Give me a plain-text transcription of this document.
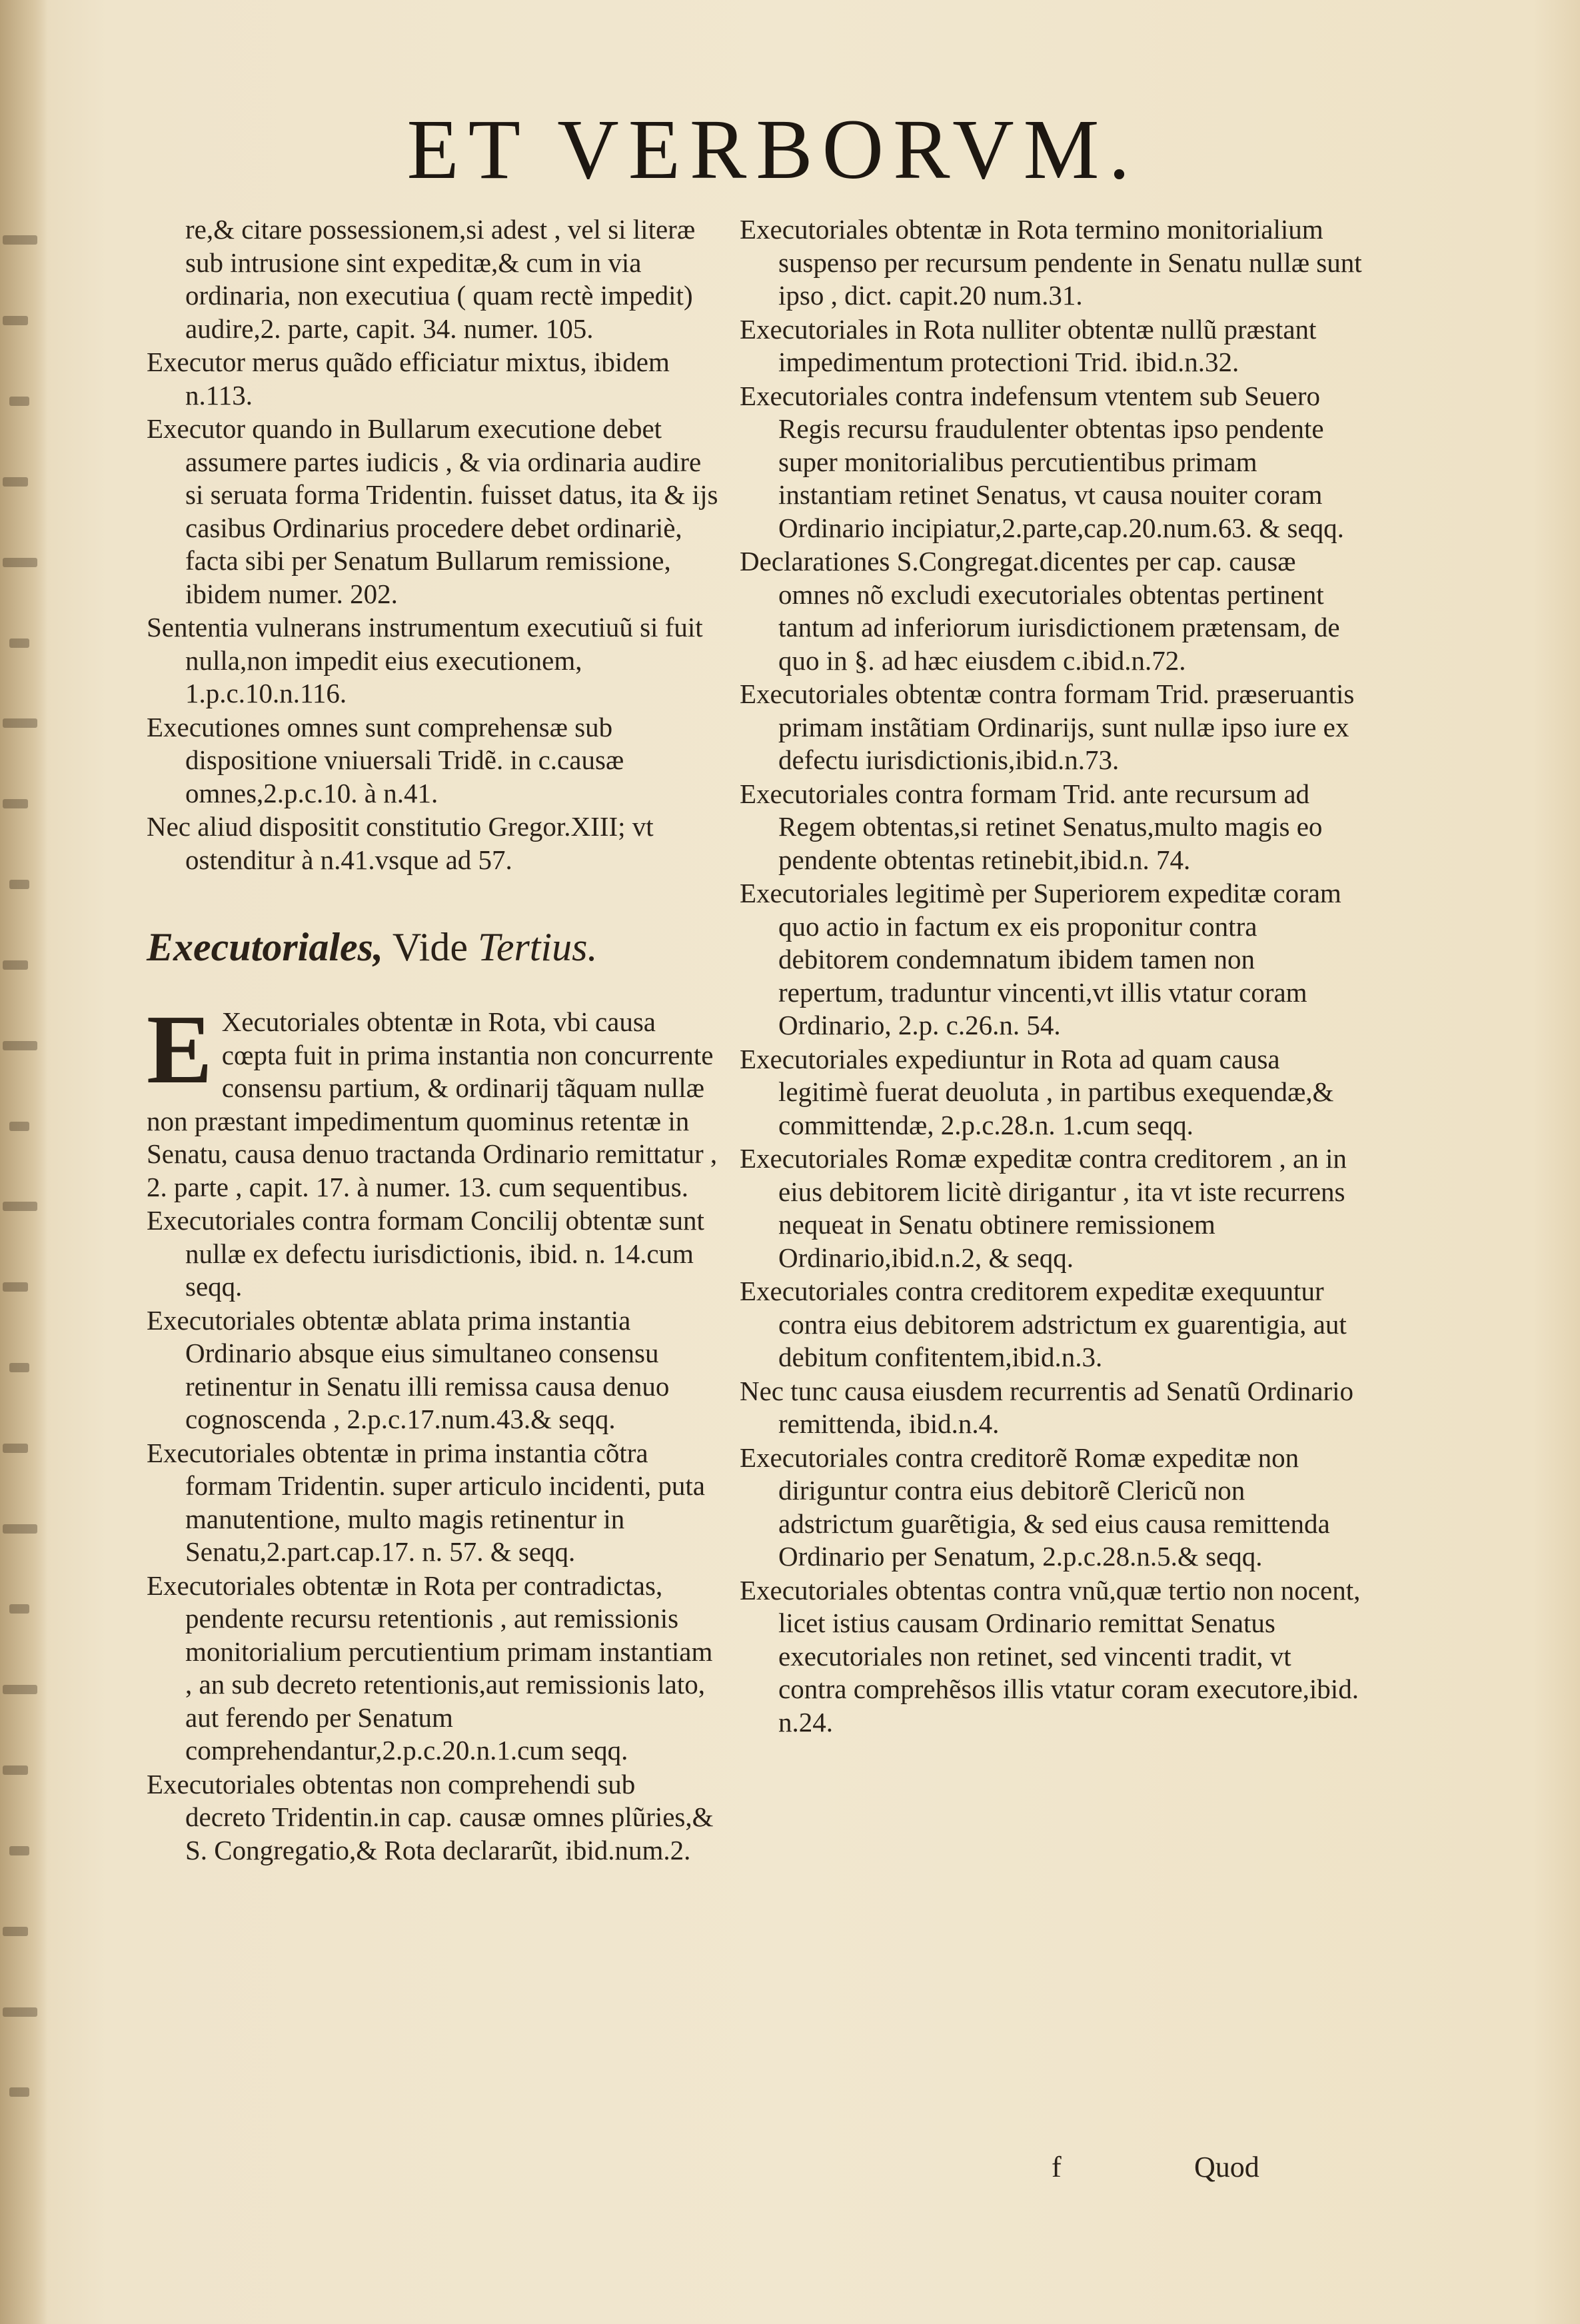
ET VERBORVM.
re,& citare possessionem,si adest , vel si literæ sub intrusione sint expeditæ,& cum in via ordinaria, non executiua ( quam rectè impedit) audire,2. parte, capit. 34. numer. 105.
Executor merus quãdo efficiatur mixtus, ibidem n.113.
Executor quando in Bullarum executione debet assumere partes iudicis , & via ordinaria audire si seruata forma Tridentin. fuisset datus, ita & ijs casibus Ordinarius procedere debet ordinariè, facta sibi per Senatum Bullarum remissione, ibidem numer. 202.
Sententia vulnerans instrumentum executiuũ si fuit nulla,non impedit eius executionem, 1.p.c.10.n.116.
Executiones omnes sunt comprehensæ sub dispositione vniuersali Tridẽ. in c.causæ omnes,2.p.c.10. à n.41.
Nec aliud dispositit constitutio Gregor.XIII; vt ostenditur à n.41.vsque ad 57.
Executoriales, Vide Tertius.
E Xecutoriales obtentæ in Rota, vbi causa cœpta fuit in prima instantia non concurrente consensu partium, & ordinarij tãquam nullæ non præstant impedimentum quominus retentæ in Senatu, causa denuo tractanda Ordinario remittatur , 2. parte , capit. 17. à numer. 13. cum sequentibus.
Executoriales contra formam Concilij obtentæ sunt nullæ ex defectu iurisdictionis, ibid. n. 14.cum seqq.
Executoriales obtentæ ablata prima instantia Ordinario absque eius simultaneo consensu retinentur in Senatu illi remissa causa denuo cognoscenda , 2.p.c.17.num.43.& seqq.
Executoriales obtentæ in prima instantia cõtra formam Tridentin. super articulo incidenti, puta manutentione, multo magis retinentur in Senatu,2.part.cap.17. n. 57. & seqq.
Executoriales obtentæ in Rota per contradictas, pendente recursu retentionis , aut remissionis monitorialium percutientium primam instantiam , an sub decreto retentionis,aut remissionis lato, aut ferendo per Senatum comprehendantur,2.p.c.20.n.1.cum seqq.
Executoriales obtentas non comprehendi sub decreto Tridentin.in cap. causæ omnes plũries,& S. Congregatio,& Rota declararũt, ibid.num.2.
Executoriales obtentæ in Rota termino monitorialium suspenso per recursum pendente in Senatu nullæ sunt ipso , dict. capit.20 num.31.
Executoriales in Rota nulliter obtentæ nullũ præstant impedimentum protectioni Trid. ibid.n.32.
Executoriales contra indefensum vtentem sub Seuero Regis recursu fraudulenter obtentas ipso pendente super monitorialibus percutientibus primam instantiam retinet Senatus, vt causa nouiter coram Ordinario incipiatur,2.parte,cap.20.num.63. & seqq.
Declarationes S.Congregat.dicentes per cap. causæ omnes nõ excludi executoriales obtentas pertinent tantum ad inferiorum iurisdictionem prætensam, de quo in §. ad hæc eiusdem c.ibid.n.72.
Executoriales obtentæ contra formam Trid. præseruantis primam instãtiam Ordinarijs, sunt nullæ ipso iure ex defectu iurisdictionis,ibid.n.73.
Executoriales contra formam Trid. ante recursum ad Regem obtentas,si retinet Senatus,multo magis eo pendente obtentas retinebit,ibid.n. 74.
Executoriales legitimè per Superiorem expeditæ coram quo actio in factum ex eis proponitur contra debitorem condemnatum ibidem tamen non repertum, traduntur vincenti,vt illis vtatur coram Ordinario, 2.p. c.26.n. 54.
Executoriales expediuntur in Rota ad quam causa legitimè fuerat deuoluta , in partibus exequendæ,& committendæ, 2.p.c.28.n. 1.cum seqq.
Executoriales Romæ expeditæ contra creditorem , an in eius debitorem licitè dirigantur , ita vt iste recurrens nequeat in Senatu obtinere remissionem Ordinario,ibid.n.2, & seqq.
Executoriales contra creditorem expeditæ exequuntur contra eius debitorem adstrictum ex guarentigia, aut debitum confitentem,ibid.n.3.
Nec tunc causa eiusdem recurrentis ad Senatũ Ordinario remittenda, ibid.n.4.
Executoriales contra creditorẽ Romæ expeditæ non diriguntur contra eius debitorẽ Clericũ non adstrictum guarẽtigia, & sed eius causa remittenda Ordinario per Senatum, 2.p.c.28.n.5.& seqq.
Executoriales obtentas contra vnũ,quæ tertio non nocent, licet istius causam Ordinario remittat Senatus executoriales non retinet, sed vincenti tradit, vt contra comprehẽsos illis vtatur coram executore,ibid. n.24.
f	Quod
